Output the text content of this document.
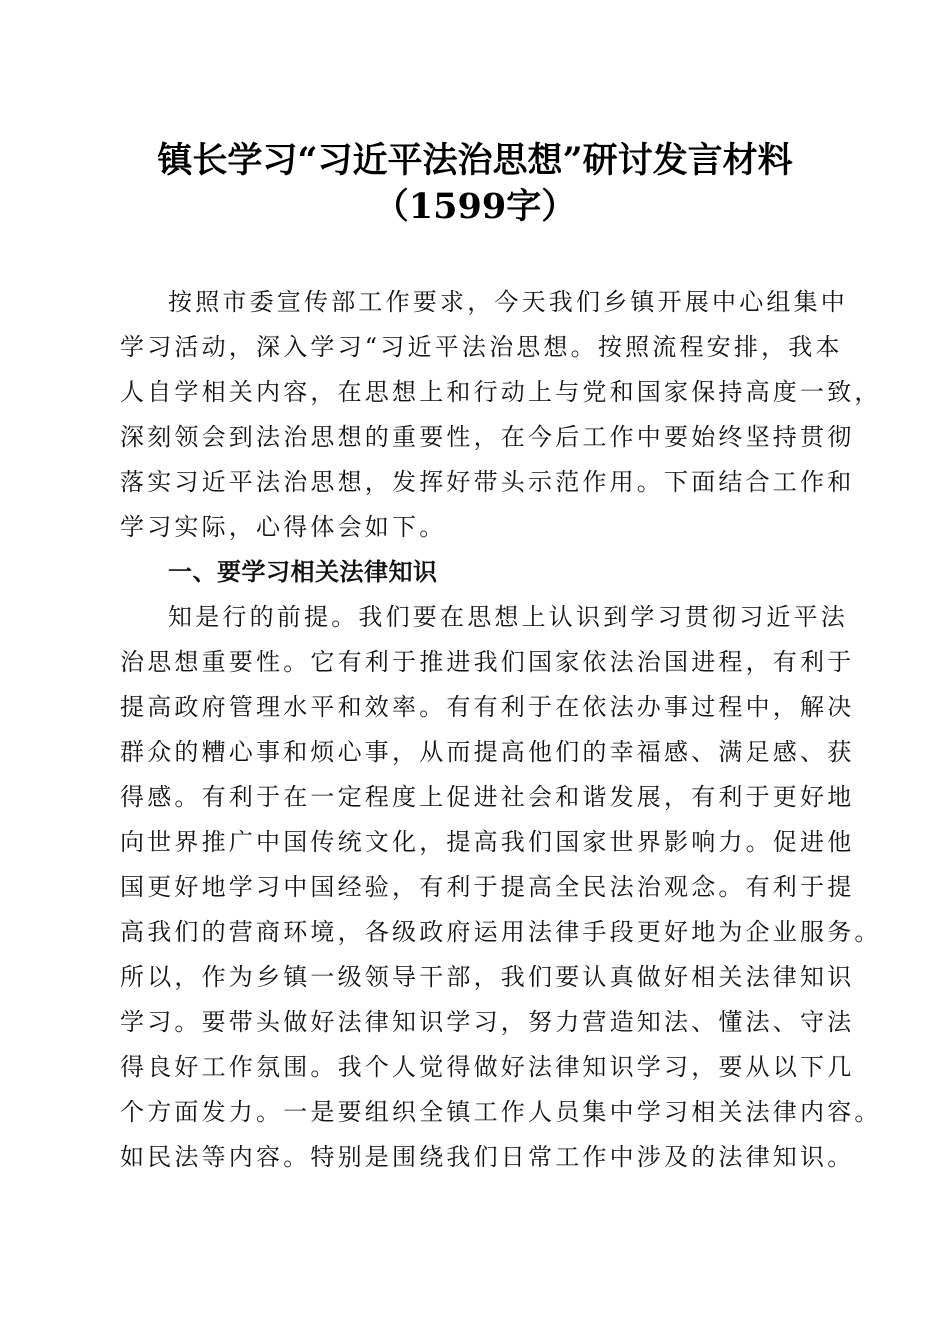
镇长学习“习近平法治思想”研讨发言材料
（1599字）
按照市委宣传部工作要求，今天我们乡镇开展中心组集中
学习活动，深入学习“习近平法治思想。按照流程安排，我本
人自学相关内容，在思想上和行动上与党和国家保持高度一致，
深刻领会到法治思想的重要性，在今后工作中要始终坚持贯彻
落实习近平法治思想，发挥好带头示范作用。下面结合工作和
学习实际，心得体会如下。
一、要学习相关法律知识
知是行的前提。我们要在思想上认识到学习贯彻习近平法
治思想重要性。它有利于推进我们国家依法治国进程，有利于
提高政府管理水平和效率。有有利于在依法办事过程中，解决
群众的糟心事和烦心事，从而提高他们的幸福感、满足感、获
得感。有利于在一定程度上促进社会和谐发展，有利于更好地
向世界推广中国传统文化，提高我们国家世界影响力。促进他
国更好地学习中国经验，有利于提高全民法治观念。有利于提
高我们的营商环境，各级政府运用法律手段更好地为企业服务。
所以，作为乡镇一级领导干部，我们要认真做好相关法律知识
学习。要带头做好法律知识学习，努力营造知法、懂法、守法
得良好工作氛围。我个人觉得做好法律知识学习，要从以下几
个方面发力。一是要组织全镇工作人员集中学习相关法律内容。
如民法等内容。特别是围绕我们日常工作中涉及的法律知识。
